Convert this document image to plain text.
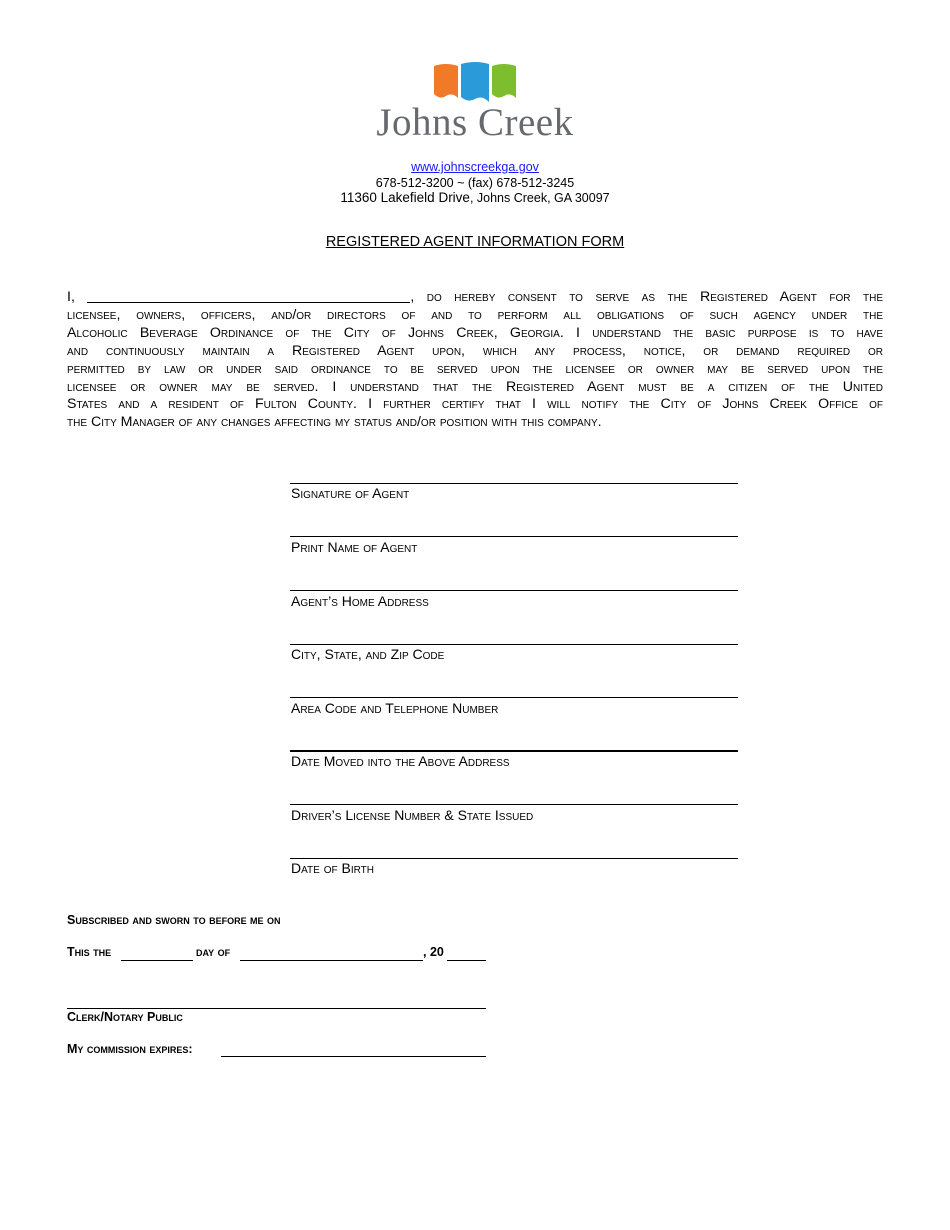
Johns Creek
www.johnscreekga.gov
678-512-3200 ~ (fax) 678-512-3245
11360 Lakefield Drive, Johns Creek, GA 30097
REGISTERED AGENT INFORMATION FORM
I,	, do hereby consent to serve as the Registered Agent for the
licensee, owners, officers, and/or directors of and to perform all obligations of such agency under the
Alcoholic Beverage Ordinance of the City of Johns Creek, Georgia. I understand the basic purpose is to have
and continuously maintain a Registered Agent upon, which any process, notice, or demand required or
permitted by law or under said ordinance to be served upon the licensee or owner may be served upon the
licensee or owner may be served. I understand that the Registered Agent must be a citizen of the United
States and a resident of Fulton County. I further certify that I will notify the City of Johns Creek Office of
the City Manager of any changes affecting my status and/or position with this company.
Signature of Agent
Print Name of Agent
Agent’s Home Address
City, State, and Zip Code
Area Code and Telephone Number
Date Moved into the Above Address
Driver’s License Number & State Issued
Date of Birth
Subscribed and sworn to before me on
This the	day of	, 20
Clerk/Notary Public
My commission expires:
